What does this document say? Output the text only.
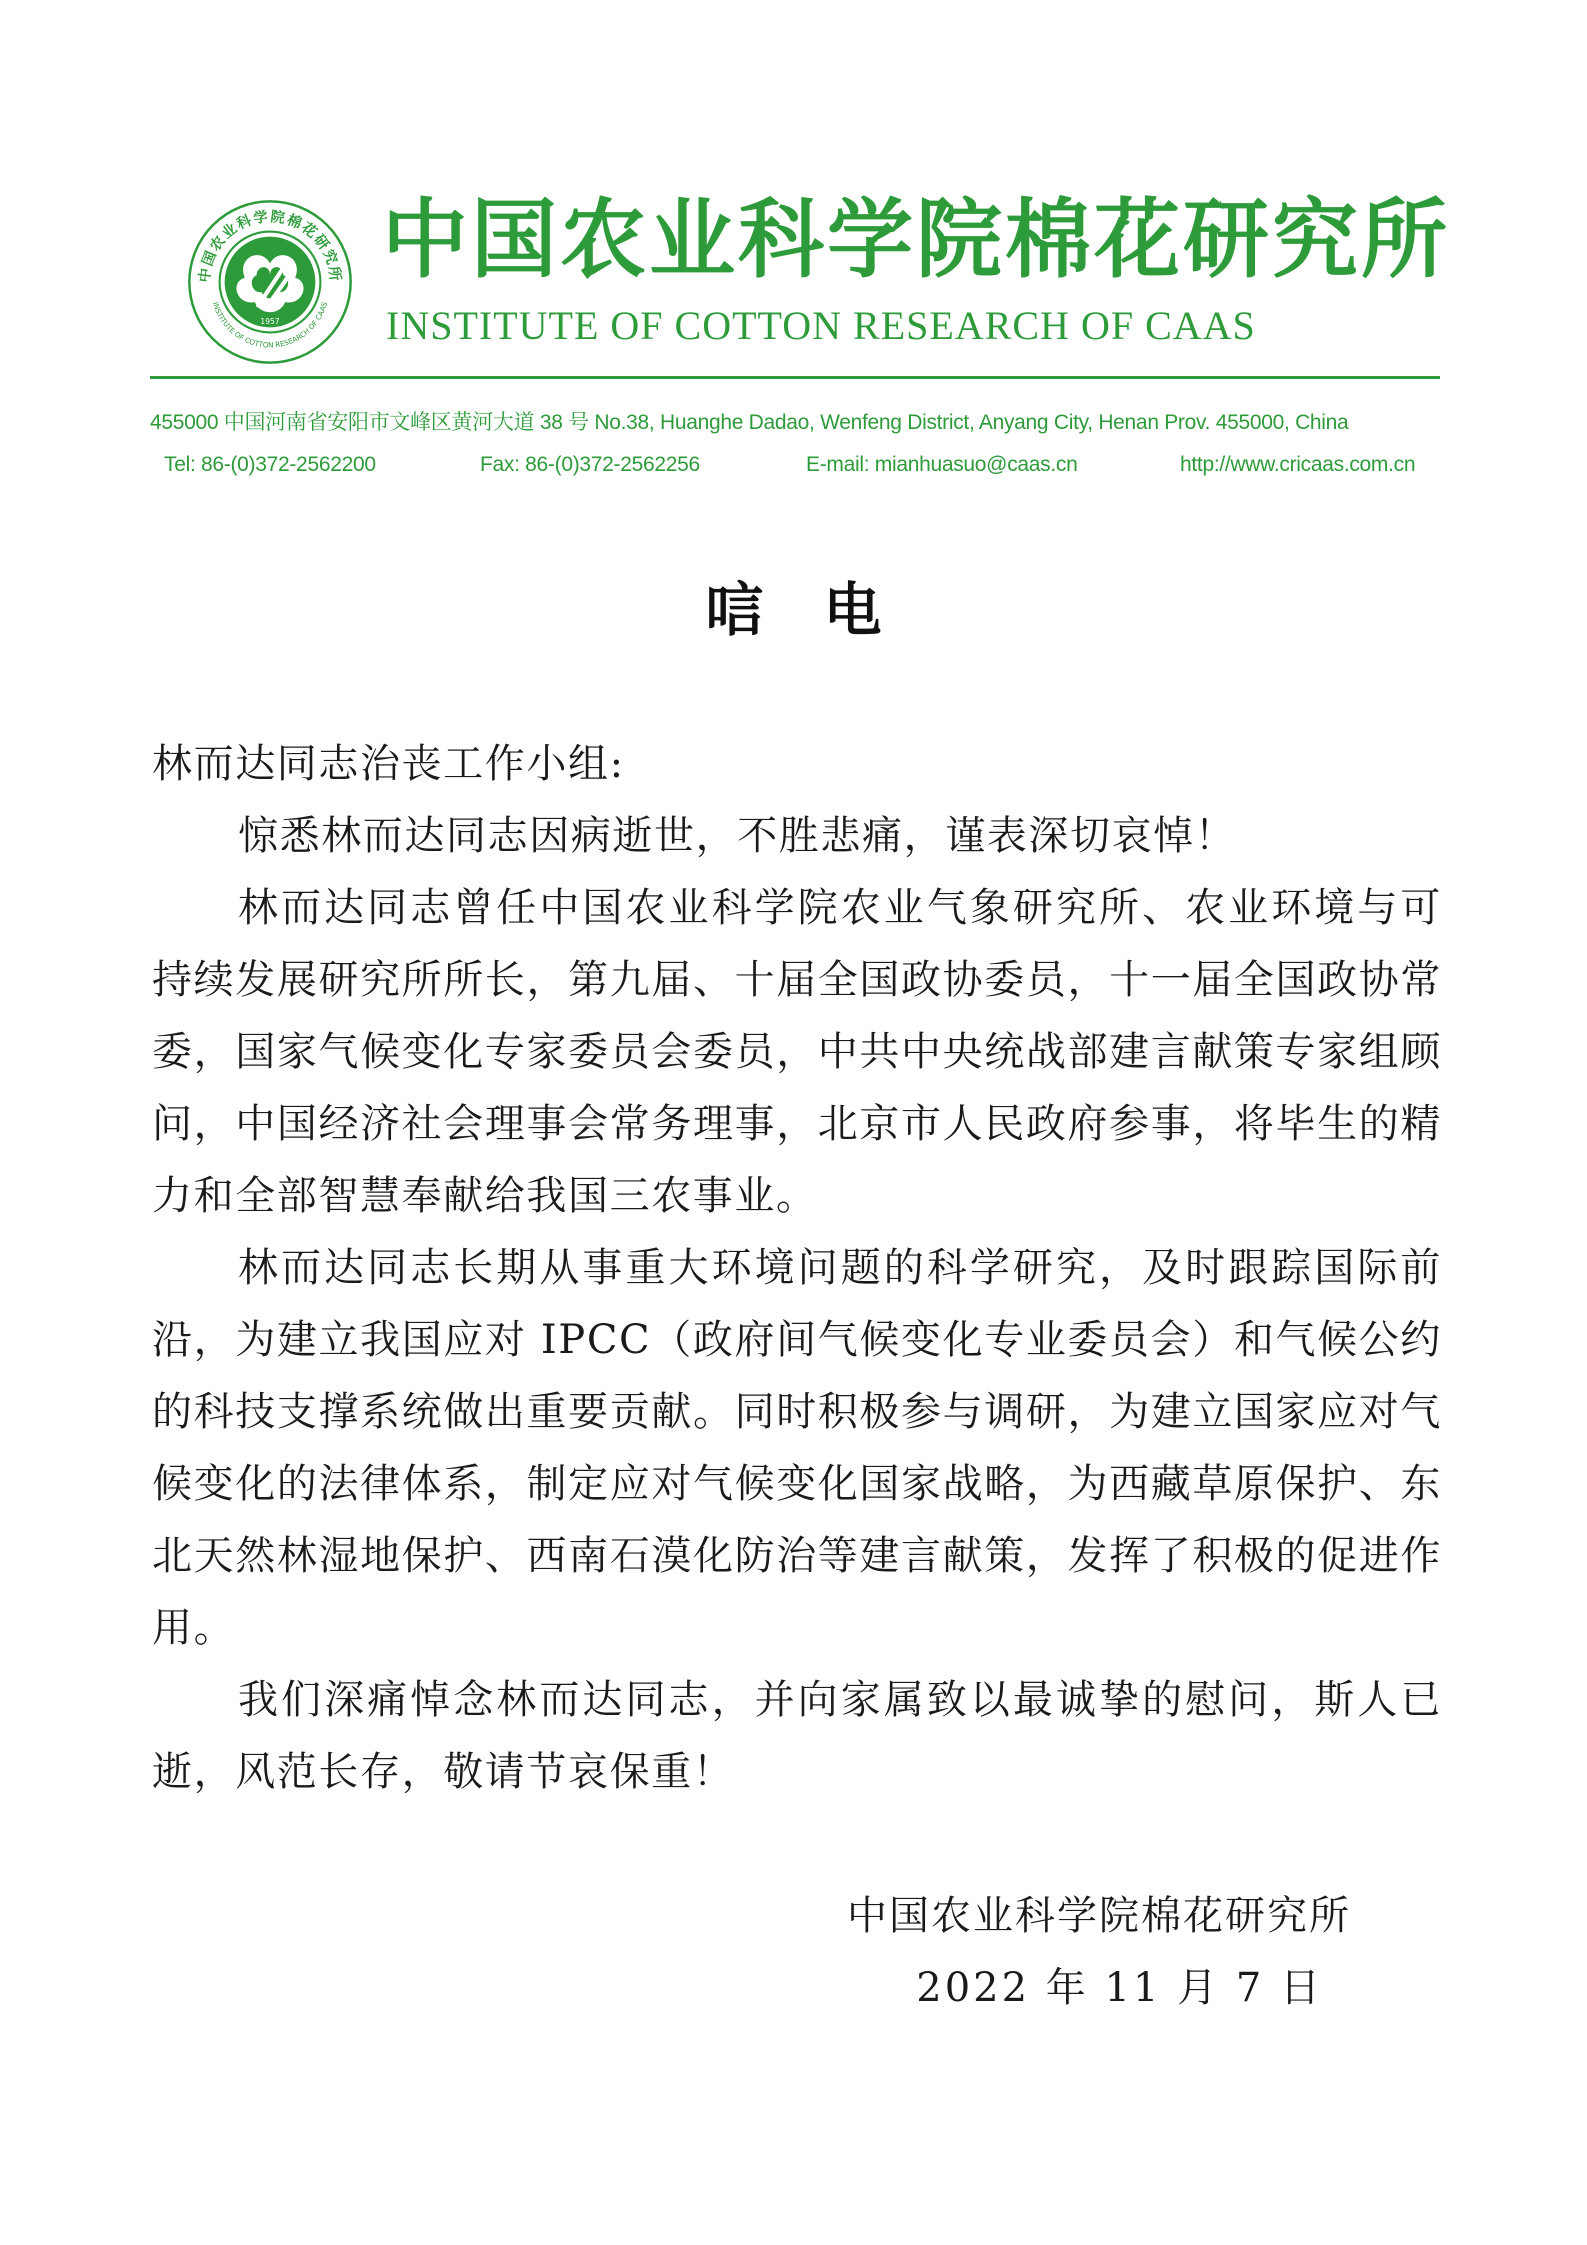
中国农业科学院棉花研究所
INSTITUTE OF COTTON RESEARCH OF CAAS
1957
中国农业科学院棉花研究所
INSTITUTE OF COTTON RESEARCH OF CAAS
455000 中国河南省安阳市文峰区黄河大道 38 号 No.38, Huanghe Dadao, Wenfeng District, Anyang City, Henan Prov. 455000, China
Tel: 86-(0)372-2562200	Fax: 86-(0)372-2562256	E-mail: mianhuasuo@caas.cn	http://www.cricaas.com.cn
唁电

林而达同志治丧工作小组:

惊悉林而达同志因病逝世，不胜悲痛，谨表深切哀悼！

林而达同志曾任中国农业科学院农业气象研究所、农业环境与可持续发展研究所所长，第九届、十届全国政协委员，十一届全国政协常委，国家气候变化专家委员会委员，中共中央统战部建言献策专家组顾问，中国经济社会理事会常务理事，北京市人民政府参事，将毕生的精力和全部智慧奉献给我国三农事业。

林而达同志长期从事重大环境问题的科学研究，及时跟踪国际前沿，为建立我国应对 IPCC（政府间气候变化专业委员会）和气候公约的科技支撑系统做出重要贡献。同时积极参与调研，为建立国家应对气候变化的法律体系，制定应对气候变化国家战略，为西藏草原保护、东北天然林湿地保护、西南石漠化防治等建言献策，发挥了积极的促进作用。

我们深痛悼念林而达同志，并向家属致以最诚挚的慰问，斯人已逝，风范长存，敬请节哀保重！

中国农业科学院棉花研究所
2022 年 11 月 7 日
